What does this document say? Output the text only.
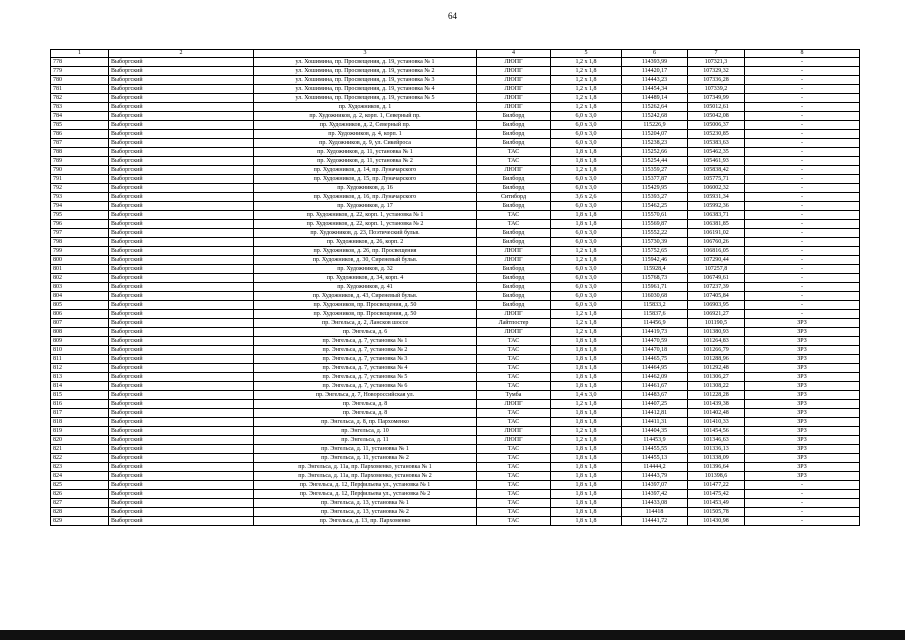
64
1	2	3	4	5	6	7	8
778	Выборгский	ул. Хошимина, пр. Просвещения, д. 19, установка № 1	ЛЮПГ	1,2 x 1,8	114393,99	107321,3	-
779	Выборгский	ул. Хошимина, пр. Просвещения, д. 19, установка № 2	ЛЮПГ	1,2 x 1,8	114420,17	107329,32	-
780	Выборгский	ул. Хошимина, пр. Просвещения, д. 19, установка № 3	ЛЮПГ	1,2 x 1,8	114443,23	107336,28	-
781	Выборгский	ул. Хошимина, пр. Просвещения, д. 19, установка № 4	ЛЮПГ	1,2 x 1,8	114454,34	107339,2	-
782	Выборгский	ул. Хошимина, пр. Просвещения, д. 19, установка № 5	ЛЮПГ	1,2 x 1,8	114489,14	107349,99	-
783	Выборгский	пр. Художников, д. 1	ЛЮПГ	1,2 x 1,8	115262,64	105012,61	-
784	Выборгский	пр. Художников, д. 2, корп. 1, Северный пр.	Билборд	6,0 x 3,0	115242,68	105042,08	-
785	Выборгский	пр. Художников, д. 2, Северный пр.	Билборд	6,0 x 3,0	115226,9	105006,37	-
786	Выборгский	пр. Художников, д. 4, корп. 1	Билборд	6,0 x 3,0	115204,07	105230,85	-
787	Выборгский	пр. Художников, д. 9, ул. Сикейроса	Билборд	6,0 x 3,0	115238,23	105383,63	-
788	Выборгский	пр. Художников, д. 11, установка № 1	ТАС	1,8 x 1,8	115252,66	105462,35	-
789	Выборгский	пр. Художников, д. 11, установка № 2	ТАС	1,8 x 1,8	115254,44	105461,93	-
790	Выборгский	пр. Художников, д. 14, пр. Луначарского	ЛЮПГ	1,2 x 1,8	115359,27	105838,42	-
791	Выборгский	пр. Художников, д. 15, пр. Луначарского	Билборд	6,0 x 3,0	115377,87	105775,71	-
792	Выборгский	пр. Художников, д. 16	Билборд	6,0 x 3,0	115429,95	106002,32	-
793	Выборгский	пр. Художников, д. 16, пр. Луначарского	Ситиборд	3,6 x 2,6	115393,27	105931,34	-
794	Выборгский	пр. Художников, д. 17	Билборд	6,0 x 3,0	115462,25	105992,36	-
795	Выборгский	пр. Художников, д. 22, корп. 1, установка № 1	ТАС	1,8 x 1,8	115570,61	106383,71	-
796	Выборгский	пр. Художников, д. 22, корп. 1, установка № 2	ТАС	1,8 x 1,8	115569,87	106381,85	-
797	Выборгский	пр. Художников, д. 23, Поэтический бульв.	Билборд	6,0 x 3,0	115552,22	106191,02	-
798	Выборгский	пр. Художников, д. 26, корп. 2	Билборд	6,0 x 3,0	115730,39	106760,26	-
799	Выборгский	пр. Художников, д. 26, пр. Просвещения	ЛЮПГ	1,2 x 1,8	115752,65	106816,05	-
800	Выборгский	пр. Художников, д. 30, Сиреневый бульв.	ЛЮПГ	1,2 x 1,8	115942,46	107290,44	-
801	Выборгский	пр. Художников, д. 32	Билборд	6,0 x 3,0	115928,4	107257,8	-
802	Выборгский	пр. Художников, д. 34, корп. 4	Билборд	6,0 x 3,0	115768,73	106749,61	-
803	Выборгский	пр. Художников, д. 41	Билборд	6,0 x 3,0	115961,71	107237,39	-
804	Выборгский	пр. Художников, д. 43, Сиреневый бульв.	Билборд	6,0 x 3,0	116030,68	107405,84	-
805	Выборгский	пр. Художников, пр. Просвещения, д. 50	Билборд	6,0 x 3,0	115833,2	106903,95	-
806	Выборгский	пр. Художников, пр. Просвещения, д. 50	ЛЮПГ	1,2 x 1,8	115837,6	106921,27	-
807	Выборгский	пр. Энгельса, д. 2, Лансков шоссе	Лайтпостер	1,2 x 1,8	114456,9	101190,5	ЗРЗ
808	Выборгский	пр. Энгельса, д. 6	ЛЮПГ	1,2 x 1,8	114419,73	101380,93	ЗРЗ
809	Выборгский	пр. Энгельса, д. 7, установка № 1	ТАС	1,8 x 1,8	114470,59	101264,83	ЗРЗ
810	Выборгский	пр. Энгельса, д. 7, установка № 2	ТАС	1,8 x 1,8	114470,18	101266,79	ЗРЗ
811	Выборгский	пр. Энгельса, д. 7, установка № 3	ТАС	1,8 x 1,8	114465,75	101288,96	ЗРЗ
812	Выборгский	пр. Энгельса, д. 7, установка № 4	ТАС	1,8 x 1,8	114464,95	101292,48	ЗРЗ
813	Выборгский	пр. Энгельса, д. 7, установка № 5	ТАС	1,8 x 1,8	114462,09	101306,27	ЗРЗ
814	Выборгский	пр. Энгельса, д. 7, установка № 6	ТАС	1,8 x 1,8	114461,67	101308,22	ЗРЗ
815	Выборгский	пр. Энгельса, д. 7, Новороссийская ул.	Тумба	1,4 x 3,0	114483,67	101228,28	ЗРЗ
816	Выборгский	пр. Энгельса, д. 8	ЛЮПГ	1,2 x 1,8	114407,25	101439,38	ЗРЗ
817	Выборгский	пр. Энгельса, д. 8	ТАС	1,8 x 1,8	114412,81	101402,48	ЗРЗ
818	Выборгский	пр. Энгельса, д. 8, пр. Пархоменко	ТАС	1,8 x 1,8	114411,31	101410,33	ЗРЗ
819	Выборгский	пр. Энгельса, д. 10	ЛЮПГ	1,2 x 1,8	114404,35	101454,56	ЗРЗ
820	Выборгский	пр. Энгельса, д. 11	ЛЮПГ	1,2 x 1,8	114453,9	101346,63	ЗРЗ
821	Выборгский	пр. Энгельса, д. 11, установка № 1	ТАС	1,8 x 1,8	114455,55	101336,13	ЗРЗ
822	Выборгский	пр. Энгельса, д. 11, установка № 2	ТАС	1,8 x 1,8	114455,13	101338,09	ЗРЗ
823	Выборгский	пр. Энгельса, д. 11а, пр. Пархоменко, установка № 1	ТАС	1,8 x 1,8	114444,2	101396,64	ЗРЗ
824	Выборгский	пр. Энгельса, д. 11а, пр. Пархоменко, установка № 2	ТАС	1,8 x 1,8	114443,79	101398,6	ЗРЗ
825	Выборгский	пр. Энгельса, д. 12, Перфильева ул., установка № 1	ТАС	1,8 x 1,8	114397,07	101477,22	-
826	Выборгский	пр. Энгельса, д. 12, Перфильева ул., установка № 2	ТАС	1,8 x 1,8	114397,42	101475,42	-
827	Выборгский	пр. Энгельса, д. 13, установка № 1	ТАС	1,8 x 1,8	114433,08	101453,49	-
828	Выборгский	пр. Энгельса, д. 13, установка № 2	ТАС	1,8 x 1,8	114418	101505,78	-
829	Выборгский	пр. Энгельса, д. 13, пр. Пархоменко	ТАС	1,8 x 1,8	114441,72	101430,98	-
